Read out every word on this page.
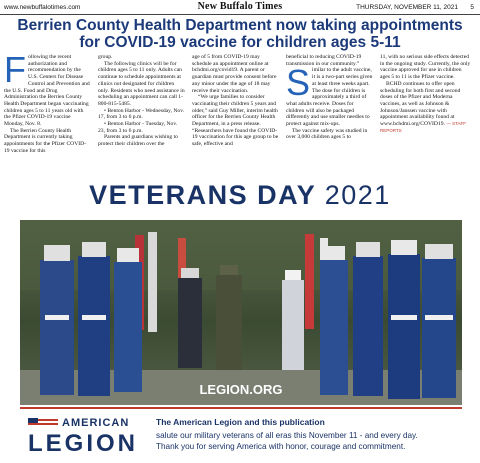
www.newbuffalotimes.com	New Buffalo Times	THURSDAY, NOVEMBER 11, 2021 5
Berrien County Health Department now taking appointments
for COVID-19 vaccine for children ages 5-11
F ollowing the recent authorization and recommendation by the U.S. Centers for Disease Control and Prevention and the U.S. Food and Drug Administration the Berrien County Health Department began vaccinating children ages 5 to 11 years old with the Pfizer COVID-19 vaccine Monday, Nov. 8.

The Berrien County Health Department is currently taking appointments for the Pfizer COVID-19 vaccine for this

group.

The following clinics will be for children ages 5 to 11 only. Adults can continue to schedule appointments at clinics not designated for children only. Residents who need assistance in scheduling an appointment can call 1-800-815-5485.

• Benton Harbor - Wednesday, Nov. 17, from 3 to 6 p.m.

• Benton Harbor - Tuesday, Nov. 23, from 3 to 6 p.m.

Parents and guardians wishing to protect their children over the

age of 5 from COVID-19 may schedule an appointment online at bchdmi.org/covid19. A parent or guardian must provide consent before any minor under the age of 18 may receive their vaccination.

“We urge families to consider vaccinating their children 5 years and older,” said Guy Miller, interim health officer for the Berrien County Health Department, in a press release. “Researchers have found the COVID-19 vaccination for this age group to be safe, effective and

beneficial to reducing COVID-19 transmission in our community.”

S imilar to the adult vaccine, it is a two-part series given at least three weeks apart. The dose for children is approximately a third of what adults receive. Doses for children will also be packaged differently and use smaller needles to protect against mix-ups.

The vaccine safety was studied in over 3,000 children ages 5 to

11, with no serious side effects detected in the ongoing study. Currently, the only vaccine approved for use in children ages 5 to 11 is the Pfizer vaccine.

BCHD continues to offer open scheduling for both first and second doses of the Pfizer and Moderna vaccines, as well as Johnson & Johnson/Janssen vaccine with appointment availability found at www.bchdmi.org/COVID19. — STAFF REPORTS

VETERANS DAY 2021
LEGION.ORG
AMERICAN
LEGION
The American Legion and this publication
salute our military veterans of all eras this November 11 - and every day.
Thank you for serving America with honor, courage and commitment.
